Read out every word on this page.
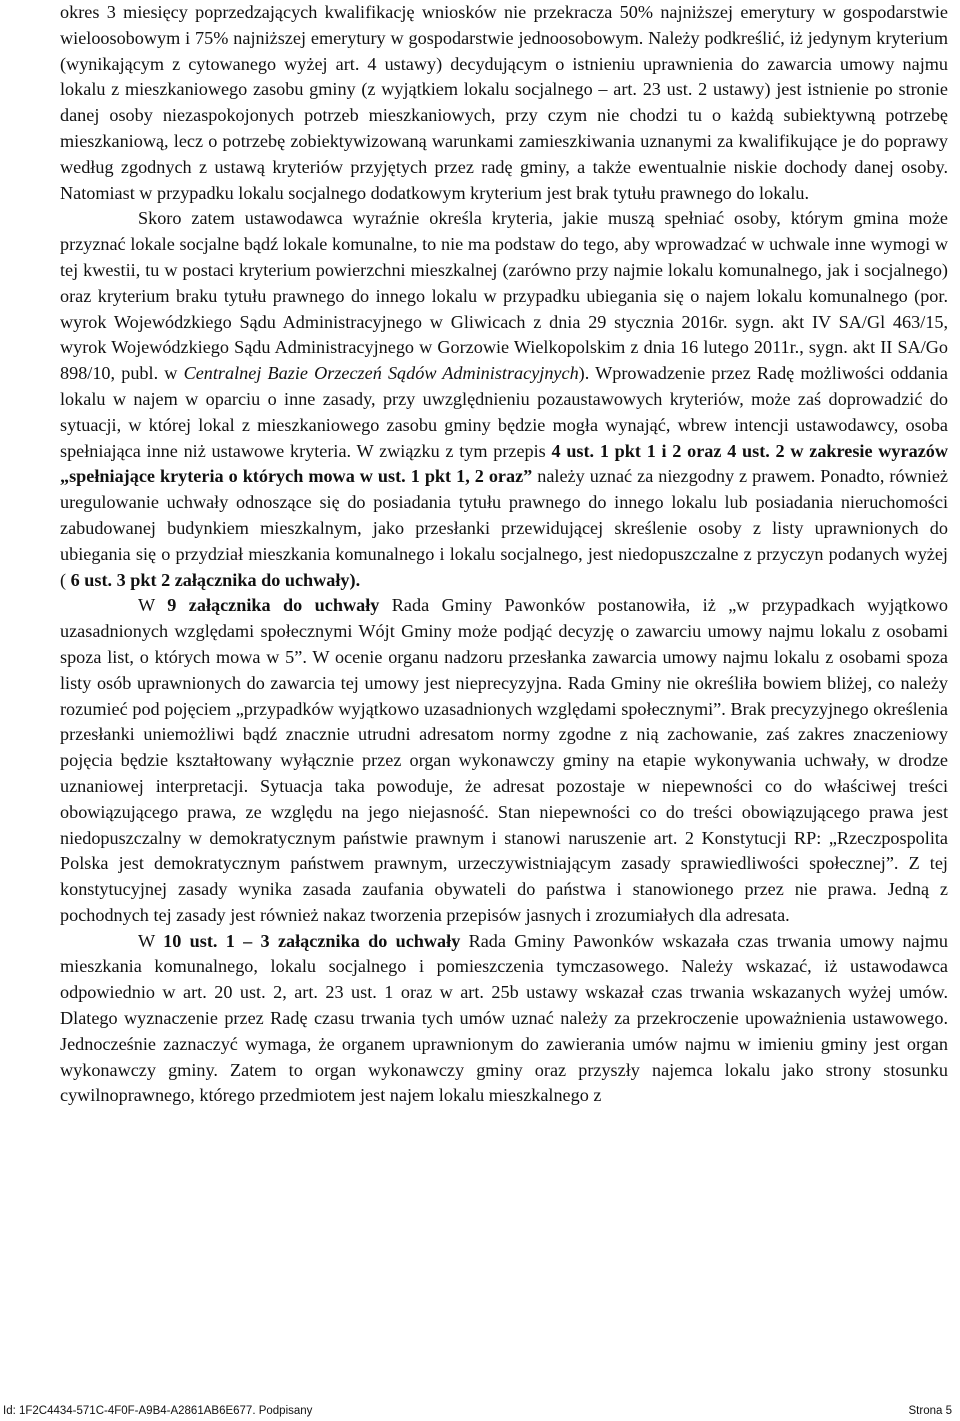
okres 3 miesięcy poprzedzających kwalifikację wniosków nie przekracza 50% najniższej emerytury w gospodarstwie wieloosobowym i 75% najniższej emerytury w gospodarstwie jednoosobowym. Należy podkreślić, iż jedynym kryterium (wynikającym z cytowanego wyżej art. 4 ustawy) decydującym o istnieniu uprawnienia do zawarcia umowy najmu lokalu z mieszkaniowego zasobu gminy (z wyjątkiem lokalu socjalnego – art. 23 ust. 2 ustawy) jest istnienie po stronie danej osoby niezaspokojonych potrzeb mieszkaniowych, przy czym nie chodzi tu o każdą subiektywną potrzebę mieszkaniową, lecz o potrzebę zobiektywizowaną warunkami zamieszkiwania uznanymi za kwalifikujące je do poprawy według zgodnych z ustawą kryteriów przyjętych przez radę gminy, a także ewentualnie niskie dochody danej osoby. Natomiast w przypadku lokalu socjalnego dodatkowym kryterium jest brak tytułu prawnego do lokalu.

Skoro zatem ustawodawca wyraźnie określa kryteria, jakie muszą spełniać osoby, którym gmina może przyznać lokale socjalne bądź lokale komunalne, to nie ma podstaw do tego, aby wprowadzać w uchwale inne wymogi w tej kwestii, tu w postaci kryterium powierzchni mieszkalnej (zarówno przy najmie lokalu komunalnego, jak i socjalnego) oraz kryterium braku tytułu prawnego do innego lokalu w przypadku ubiegania się o najem lokalu komunalnego (por. wyrok Wojewódzkiego Sądu Administracyjnego w Gliwicach z dnia 29 stycznia 2016r. sygn. akt IV SA/Gl 463/15, wyrok Wojewódzkiego Sądu Administracyjnego w Gorzowie Wielkopolskim z dnia 16 lutego 2011r., sygn. akt II SA/Go 898/10, publ. w Centralnej Bazie Orzeczeń Sądów Administracyjnych). Wprowadzenie przez Radę możliwości oddania lokalu w najem w oparciu o inne zasady, przy uwzględnieniu pozaustawowych kryteriów, może zaś doprowadzić do sytuacji, w której lokal z mieszkaniowego zasobu gminy będzie mogła wynająć, wbrew intencji ustawodawcy, osoba spełniająca inne niż ustawowe kryteria. W związku z tym przepis 4 ust. 1 pkt 1 i 2 oraz 4 ust. 2 w zakresie wyrazów „spełniające kryteria o których mowa w ust. 1 pkt 1, 2 oraz” należy uznać za niezgodny z prawem. Ponadto, również uregulowanie uchwały odnoszące się do posiadania tytułu prawnego do innego lokalu lub posiadania nieruchomości zabudowanej budynkiem mieszkalnym, jako przesłanki przewidującej skreślenie osoby z listy uprawnionych do ubiegania się o przydział mieszkania komunalnego i lokalu socjalnego, jest niedopuszczalne z przyczyn podanych wyżej ( 6 ust. 3 pkt 2 załącznika do uchwały).

W 9 załącznika do uchwały Rada Gminy Pawonków postanowiła, iż „w przypadkach wyjątkowo uzasadnionych względami społecznymi Wójt Gminy może podjąć decyzję o zawarciu umowy najmu lokalu z osobami spoza list, o których mowa w 5”. W ocenie organu nadzoru przesłanka zawarcia umowy najmu lokalu z osobami spoza listy osób uprawnionych do zawarcia tej umowy jest nieprecyzyjna. Rada Gminy nie określiła bowiem bliżej, co należy rozumieć pod pojęciem „przypadków wyjątkowo uzasadnionych względami społecznymi”. Brak precyzyjnego określenia przesłanki uniemożliwi bądź znacznie utrudni adresatom normy zgodne z nią zachowanie, zaś zakres znaczeniowy pojęcia będzie kształtowany wyłącznie przez organ wykonawczy gminy na etapie wykonywania uchwały, w drodze uznaniowej interpretacji. Sytuacja taka powoduje, że adresat pozostaje w niepewności co do właściwej treści obowiązującego prawa, ze względu na jego niejasność. Stan niepewności co do treści obowiązującego prawa jest niedopuszczalny w demokratycznym państwie prawnym i stanowi naruszenie art. 2 Konstytucji RP: „Rzeczpospolita Polska jest demokratycznym państwem prawnym, urzeczywistniającym zasady sprawiedliwości społecznej”. Z tej konstytucyjnej zasady wynika zasada zaufania obywateli do państwa i stanowionego przez nie prawa. Jedną z pochodnych tej zasady jest również nakaz tworzenia przepisów jasnych i zrozumiałych dla adresata.

W 10 ust. 1 – 3 załącznika do uchwały Rada Gminy Pawonków wskazała czas trwania umowy najmu mieszkania komunalnego, lokalu socjalnego i pomieszczenia tymczasowego. Należy wskazać, iż ustawodawca odpowiednio w art. 20 ust. 2, art. 23 ust. 1 oraz w art. 25b ustawy wskazał czas trwania wskazanych wyżej umów. Dlatego wyznaczenie przez Radę czasu trwania tych umów uznać należy za przekroczenie upoważnienia ustawowego. Jednocześnie zaznaczyć wymaga, że organem uprawnionym do zawierania umów najmu w imieniu gminy jest organ wykonawczy gminy. Zatem to organ wykonawczy gminy oraz przyszły najemca lokalu jako strony stosunku cywilnoprawnego, którego przedmiotem jest najem lokalu mieszkalnego z

Id: 1F2C4434-571C-4F0F-A9B4-A2861AB6E677. Podpisany	Strona 5
